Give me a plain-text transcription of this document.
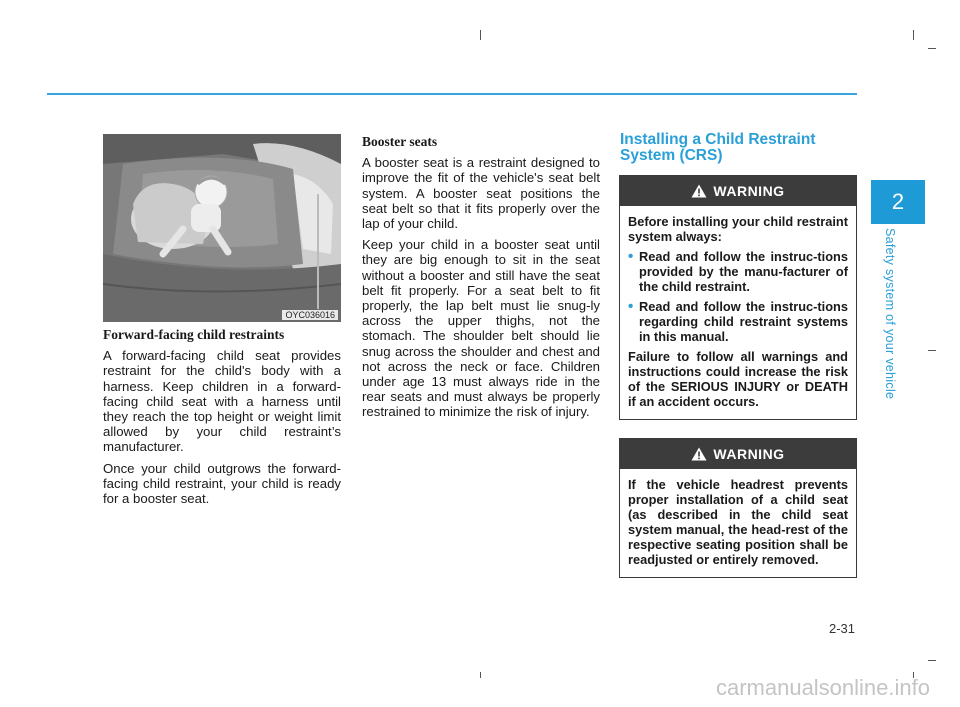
OYC036016

Forward-facing child restraints

A forward-facing child seat provides restraint for the child's body with a harness. Keep children in a forward-facing child seat with a harness until they reach the top height or weight limit allowed by your child restraint’s manufacturer.

Once your child outgrows the forward-facing child restraint, your child is ready for a booster seat.

Booster seats

A booster seat is a restraint designed to improve the fit of the vehicle's seat belt system. A booster seat positions the seat belt so that it fits properly over the lap of your child.

Keep your child in a booster seat until they are big enough to sit in the seat without a booster and still have the seat belt fit properly. For a seat belt to fit properly, the lap belt must lie snug-ly across the upper thighs, not the stomach. The shoulder belt should lie snug across the shoulder and chest and not across the neck or face. Children under age 13 must always ride in the rear seats and must always be properly restrained to minimize the risk of injury.

Installing a Child Restraint System (CRS)
WARNING

Before installing your child restraint system always:

• Read and follow the instruc-tions provided by the manu-facturer of the child restraint.
• Read and follow the instruc-tions regarding child restraint systems in this manual.

Failure to follow all warnings and instructions could increase the risk of the SERIOUS INJURY or DEATH if an accident occurs.

WARNING

If the vehicle headrest prevents proper installation of a child seat (as described in the child seat system manual, the head-rest of the respective seating position shall be readjusted or entirely removed.

2
Safety system of your vehicle
2-31
carmanualsonline.info
